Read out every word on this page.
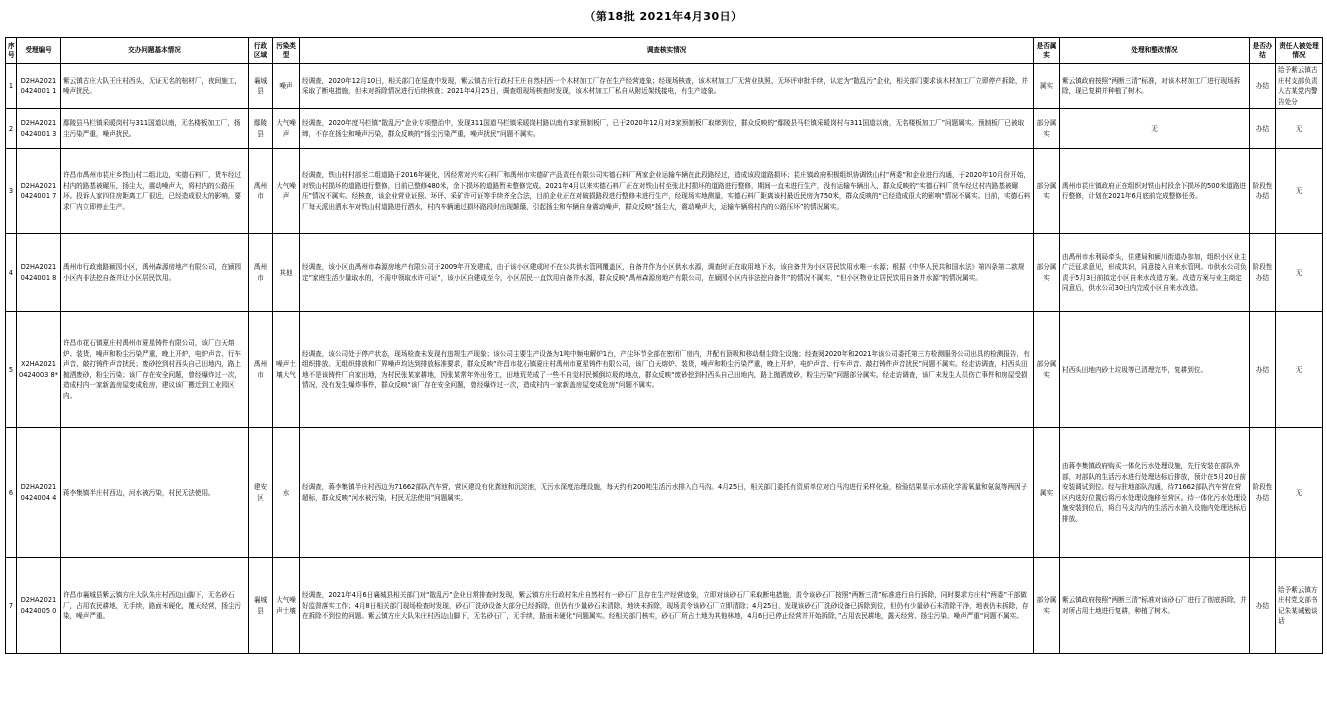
（第18批 2021年4月30日）
序号	受理编号	交办问题基本情况	行政区域	污染类型	调查核实情况	是否属实	处理和整改情况	是否办结	责任人被处理情况
1	D2HA20210424001 1	紫云镇古庄大队王庄村西头，无证无名的棺材厂，夜间施工，噪声扰民。	襄城县	噪声	经调查，2020年12月10日，相关部门在巡查中发现，紫云镇古庄行政村王庄自然村西一个木材加工厂存在生产经营迹象；经现场核查，该木材加工厂无营业执照、无环评审批手续，认定为“散乱污”企业，相关部门要求该木材加工厂立即停产拆除，并采取了断电措施，但未对拆除情况进行后续核查；2021年4月25日，调查组现场核查时发现，该木材加工厂私自从附近架线接电，有生产迹象。	属实	紫云镇政府按照“两断三清”标准，对该木材加工厂进行现场拆除，现已复耕并种植了树木。	办结	给予紫云镇古庄村支部负责人古某党内警告处分
2	D2HA20210424001 3	鄢陵县马栏镇采暖岗村与311国道以南，无名楼板加工厂，扬尘污染严重，噪声扰民。	鄢陵县	大气噪声	经调查，2020年度马栏镇“散乱污”企业专项整治中，发现311国道马栏镇采暖岗村路以南有3家预制板厂，已于2020年12月对3家预制板厂取缔到位，群众反映的“鄢陵县马栏镇采暖岗村与311国道以南，无名楼板加工厂”问题属实。预制板厂已被取缔，不存在扬尘和噪声污染，群众反映的“扬尘污染严重，噪声扰民”问题不属实。	部分属实	无	办结	无
3	D2HA20210424001 7	许昌市禹州市苌庄乡铁山村二组北边，实德石料厂，货车经过村内的路基被碾压，扬尘大，震动噪声大，将村内的公路压坏。投诉人家四住房距离工厂很近，已经造成很大的影响，要求厂内立即停止生产。	禹州市	大气噪声	经调查，铁山村村部至二组道路于2016年硬化，因经常对兴实石料厂和禹州市实德矿产品责任有限公司实德石料厂两家企业运输车辆在此段路经过，造成该段道路损坏；苌庄镇政府积极组织协调铁山村“两委”和企业进行沟通，于2020年10月份开始，对铁山村损坏的道路进行整修，目前已整修480米，余下损坏的道路暂未整修完成。2021年4月以来实德石料厂正在对铁山村至张北村损坏的道路进行整修，期间一直未进行生产，没有运输车辆出入，群众反映的“实德石料厂货车经过村内路基被碾压”情况不属实。经核查，该企业营业证照、环评、采矿许可证等手续齐全合法，目前企业正在对破损路段进行整修未进行生产，经现场实地测量，实德石料厂距离该村最近民房为750米，群众反映的“已经造成很大的影响”情况不属实。目前，实德石料厂每天派出洒水车对铁山村道路进行洒水，村内车辆通过损坏路段时出现颠簸，引起扬尘和车辆自身震动噪声，群众反映“扬尘大，震动噪声大，运输车辆将村内的公路压坏”的情况属实。	部分属实	禹州市苌庄镇政府正在组织对铁山村段余下损坏的500米道路进行整修，计划在2021年6月底前完成整修任务。	阶段性办结	无
4	D2HA20210424001 8	禹州市行政南路颍园小区，禹州森源房地产有限公司，在颍园小区内非法挖自备井让小区居民饮用。	禹州市	其他	经调查，该小区由禹州市森源房地产有限公司于2009年开发建成，由于该小区建成时不在公共供水管网覆盖区，自备井作为小区供水水源，调查时正在取用地下水，该自备井为小区居民饮用水唯一水源；根据《中华人民共和国水法》第四条第二款规定“家庭生活少量取水的，不需申领取水许可证”，该小区自建成至今，小区居民一直饮用自备井水源，群众反映“禹州森源房地产有限公司，在颍园小区内非法挖自备井”的情况不属实，“但小区物业让居民饮用自备井水源”的情况属实。	部分属实	由禹州市水利局牵头，住建局和颍川街道办参加，组织小区业主广泛征求意见，形成共识，同意接入自来水管网。市供水公司负责于5月3日前拟定小区自来水改造方案。改造方案与业主商定同意后，供水公司30日内完成小区自来水改造。	阶段性办结	无
5	X2HA20210424003 8*	许昌市花石镇夏庄村禹州市夏星铸件有限公司，该厂白天熔炉、装货，噪声和粉尘污染严重，晚上开炉，电炉声音、行车声音、敲打铸件声音扰民；废砂挖到村西头自己田地内，路上抛洒废砂，粉尘污染；该厂存在安全问题，曾经爆炸过一次，造成村内一家新盖房屋变成危房，建议该厂搬迁到工业园区内。	禹州市	噪声土壤大气	经调查，该公司处于停产状态，现场检查未发现有违规生产现象；该公司主要生产设备为1吨中频电解炉1台，产尘环节全部在密闭厂房内，并配有顶吸和移动烟尘除尘设施；经查阅2020年和2021年该公司委托第三方检测服务公司出具的检测报告，有组织排放、无组织排放和厂界噪声均达到排放标准要求，群众反映“许昌市花石镇夏庄村禹州市夏星铸件有限公司，该厂白天熔炉、装货，噪声和粉尘污染严重，晚上开炉，电炉声音、行车声音、敲打铸件声音扰民”问题不属实。经走访调查，村西头田地不是该铸件厂自家田地，为村民张某家耕地，因张某常年外出务工，田地荒芜成了一些不自觉村民倾倒垃圾的地点，群众反映“废砂挖到村西头自己田地内，路上抛洒废砂，粉尘污染”问题部分属实。经走访调查，该厂未发生人员伤亡事件和房屋受损情况，没有发生爆炸事件，群众反映“该厂存在安全问题，曾经爆炸过一次，造成村内一家新盖房屋变成危房”问题不属实。	部分属实	村西头田地内砂土垃圾等已清理完毕，复耕到位。	办结	无
6	D2HA20210424004 4	蒋李集镇半庄村西边，河水被污染，村民无法使用。	建安区	水	经调查，蒋李集镇半庄村西边为71662部队汽车营，营区建设有化粪池和沉淀池，无污水深度治理设施，每天约有200吨生活污水排入白马沟。4月25日，相关部门委托有资质单位对白马沟进行采样化验，检验结果显示水质化学需氧量和氨氮等两因子超标，群众反映“河水被污染，村民无法使用”问题属实。	属实	由蒋李集镇政府购买一体化污水处理设施，先行安装在部队外部，对部队的生活污水进行处理达标后排放，预计在5月20日前安装调试到位。经与驻地部队沟通，待71662部队汽车营在营区内选好位置后将污水处理设施移至营区。待一体化污水处理设施安装到位后，将白马支沟内的生活污水抽入设施内处理达标后排放。	阶段性办结	无
7	D2HA20210424005 0	许昌市襄城县紫云镇方庄大队朱庄村西边山脚下，无名砂石厂，占用农民耕地，无手续，路面未硬化，覆天经营，扬尘污染，噪声严重。	襄城县	大气噪声土壤	经调查，2021年4月6日襄城县相关部门对“散乱污”企业日常排查时发现，紫云镇方庄行政村朱庄自然村有一砂石厂且存在生产经营迹象，立即对该砂石厂采取断电措施，责令该砂石厂按照“两断三清”标准进行自行拆除，同时要求方庄村“两委”干部做好监督落实工作；4月8日相关部门现场检查时发现，砂石厂洗砂设备大部分已经拆除，但仍有少量砂石未清除，地块未拆除，现场责令该砂石厂立即清除；4月25日，发现该砂石厂洗砂设备已拆除到位，但仍有少量砂石未清除干净，地表仍未拆除，存在拆除不到位的问题。紫云镇方庄大队朱庄村西边山脚下，无名砂石厂，无手续，路面未硬化“问题属实。经相关部门核实，砂石厂所占土地为其他林地，4月6日已停止经营并开始拆除，”占用农民耕地，露天经营、扬尘污染、噪声严重“问题不属实。	部分属实	紫云镇政府按照“两断三清”标准对该砂石厂进行了彻底拆除，并对所占用土地进行复耕，种植了树木。	办结	给予紫云镇方庄村党支部书记朱某诫勉谈话
